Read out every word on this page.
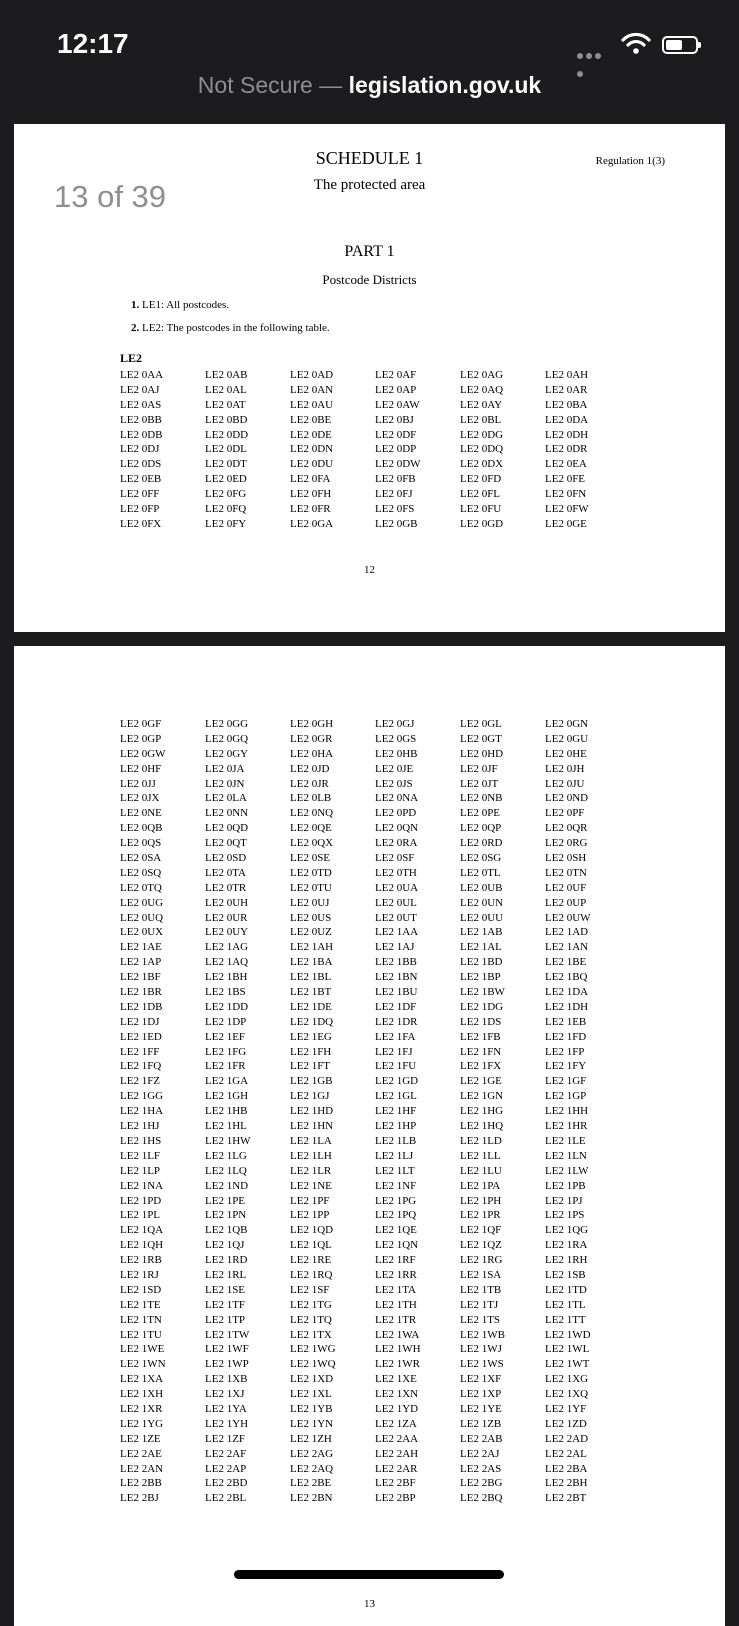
12:17
Not Secure — legislation.gov.uk
SCHEDULE 1	Regulation 1(3)
The protected area
13 of 39
PART 1
Postcode Districts
1. LE1: All postcodes.
2. LE2: The postcodes in the following table.
LE2
LE2 0AA	LE2 0AB	LE2 0AD	LE2 0AF	LE2 0AG	LE2 0AH
LE2 0AJ	LE2 0AL	LE2 0AN	LE2 0AP	LE2 0AQ	LE2 0AR
LE2 0AS	LE2 0AT	LE2 0AU	LE2 0AW	LE2 0AY	LE2 0BA
LE2 0BB	LE2 0BD	LE2 0BE	LE2 0BJ	LE2 0BL	LE2 0DA
LE2 0DB	LE2 0DD	LE2 0DE	LE2 0DF	LE2 0DG	LE2 0DH
LE2 0DJ	LE2 0DL	LE2 0DN	LE2 0DP	LE2 0DQ	LE2 0DR
LE2 0DS	LE2 0DT	LE2 0DU	LE2 0DW	LE2 0DX	LE2 0EA
LE2 0EB	LE2 0ED	LE2 0FA	LE2 0FB	LE2 0FD	LE2 0FE
LE2 0FF	LE2 0FG	LE2 0FH	LE2 0FJ	LE2 0FL	LE2 0FN
LE2 0FP	LE2 0FQ	LE2 0FR	LE2 0FS	LE2 0FU	LE2 0FW
LE2 0FX	LE2 0FY	LE2 0GA	LE2 0GB	LE2 0GD	LE2 0GE
12
LE2 0GF	LE2 0GG	LE2 0GH	LE2 0GJ	LE2 0GL	LE2 0GN
LE2 0GP	LE2 0GQ	LE2 0GR	LE2 0GS	LE2 0GT	LE2 0GU
LE2 0GW	LE2 0GY	LE2 0HA	LE2 0HB	LE2 0HD	LE2 0HE
LE2 0HF	LE2 0JA	LE2 0JD	LE2 0JE	LE2 0JF	LE2 0JH
LE2 0JJ	LE2 0JN	LE2 0JR	LE2 0JS	LE2 0JT	LE2 0JU
LE2 0JX	LE2 0LA	LE2 0LB	LE2 0NA	LE2 0NB	LE2 0ND
LE2 0NE	LE2 0NN	LE2 0NQ	LE2 0PD	LE2 0PE	LE2 0PF
LE2 0QB	LE2 0QD	LE2 0QE	LE2 0QN	LE2 0QP	LE2 0QR
LE2 0QS	LE2 0QT	LE2 0QX	LE2 0RA	LE2 0RD	LE2 0RG
LE2 0SA	LE2 0SD	LE2 0SE	LE2 0SF	LE2 0SG	LE2 0SH
LE2 0SQ	LE2 0TA	LE2 0TD	LE2 0TH	LE2 0TL	LE2 0TN
LE2 0TQ	LE2 0TR	LE2 0TU	LE2 0UA	LE2 0UB	LE2 0UF
LE2 0UG	LE2 0UH	LE2 0UJ	LE2 0UL	LE2 0UN	LE2 0UP
LE2 0UQ	LE2 0UR	LE2 0US	LE2 0UT	LE2 0UU	LE2 0UW
LE2 0UX	LE2 0UY	LE2 0UZ	LE2 1AA	LE2 1AB	LE2 1AD
LE2 1AE	LE2 1AG	LE2 1AH	LE2 1AJ	LE2 1AL	LE2 1AN
LE2 1AP	LE2 1AQ	LE2 1BA	LE2 1BB	LE2 1BD	LE2 1BE
LE2 1BF	LE2 1BH	LE2 1BL	LE2 1BN	LE2 1BP	LE2 1BQ
LE2 1BR	LE2 1BS	LE2 1BT	LE2 1BU	LE2 1BW	LE2 1DA
LE2 1DB	LE2 1DD	LE2 1DE	LE2 1DF	LE2 1DG	LE2 1DH
LE2 1DJ	LE2 1DP	LE2 1DQ	LE2 1DR	LE2 1DS	LE2 1EB
LE2 1ED	LE2 1EF	LE2 1EG	LE2 1FA	LE2 1FB	LE2 1FD
LE2 1FF	LE2 1FG	LE2 1FH	LE2 1FJ	LE2 1FN	LE2 1FP
LE2 1FQ	LE2 1FR	LE2 1FT	LE2 1FU	LE2 1FX	LE2 1FY
LE2 1FZ	LE2 1GA	LE2 1GB	LE2 1GD	LE2 1GE	LE2 1GF
LE2 1GG	LE2 1GH	LE2 1GJ	LE2 1GL	LE2 1GN	LE2 1GP
LE2 1HA	LE2 1HB	LE2 1HD	LE2 1HF	LE2 1HG	LE2 1HH
LE2 1HJ	LE2 1HL	LE2 1HN	LE2 1HP	LE2 1HQ	LE2 1HR
LE2 1HS	LE2 1HW	LE2 1LA	LE2 1LB	LE2 1LD	LE2 1LE
LE2 1LF	LE2 1LG	LE2 1LH	LE2 1LJ	LE2 1LL	LE2 1LN
LE2 1LP	LE2 1LQ	LE2 1LR	LE2 1LT	LE2 1LU	LE2 1LW
LE2 1NA	LE2 1ND	LE2 1NE	LE2 1NF	LE2 1PA	LE2 1PB
LE2 1PD	LE2 1PE	LE2 1PF	LE2 1PG	LE2 1PH	LE2 1PJ
LE2 1PL	LE2 1PN	LE2 1PP	LE2 1PQ	LE2 1PR	LE2 1PS
LE2 1QA	LE2 1QB	LE2 1QD	LE2 1QE	LE2 1QF	LE2 1QG
LE2 1QH	LE2 1QJ	LE2 1QL	LE2 1QN	LE2 1QZ	LE2 1RA
LE2 1RB	LE2 1RD	LE2 1RE	LE2 1RF	LE2 1RG	LE2 1RH
LE2 1RJ	LE2 1RL	LE2 1RQ	LE2 1RR	LE2 1SA	LE2 1SB
LE2 1SD	LE2 1SE	LE2 1SF	LE2 1TA	LE2 1TB	LE2 1TD
LE2 1TE	LE2 1TF	LE2 1TG	LE2 1TH	LE2 1TJ	LE2 1TL
LE2 1TN	LE2 1TP	LE2 1TQ	LE2 1TR	LE2 1TS	LE2 1TT
LE2 1TU	LE2 1TW	LE2 1TX	LE2 1WA	LE2 1WB	LE2 1WD
LE2 1WE	LE2 1WF	LE2 1WG	LE2 1WH	LE2 1WJ	LE2 1WL
LE2 1WN	LE2 1WP	LE2 1WQ	LE2 1WR	LE2 1WS	LE2 1WT
LE2 1XA	LE2 1XB	LE2 1XD	LE2 1XE	LE2 1XF	LE2 1XG
LE2 1XH	LE2 1XJ	LE2 1XL	LE2 1XN	LE2 1XP	LE2 1XQ
LE2 1XR	LE2 1YA	LE2 1YB	LE2 1YD	LE2 1YE	LE2 1YF
LE2 1YG	LE2 1YH	LE2 1YN	LE2 1ZA	LE2 1ZB	LE2 1ZD
LE2 1ZE	LE2 1ZF	LE2 1ZH	LE2 2AA	LE2 2AB	LE2 2AD
LE2 2AE	LE2 2AF	LE2 2AG	LE2 2AH	LE2 2AJ	LE2 2AL
LE2 2AN	LE2 2AP	LE2 2AQ	LE2 2AR	LE2 2AS	LE2 2BA
LE2 2BB	LE2 2BD	LE2 2BE	LE2 2BF	LE2 2BG	LE2 2BH
LE2 2BJ	LE2 2BL	LE2 2BN	LE2 2BP	LE2 2BQ	LE2 2BT
13
